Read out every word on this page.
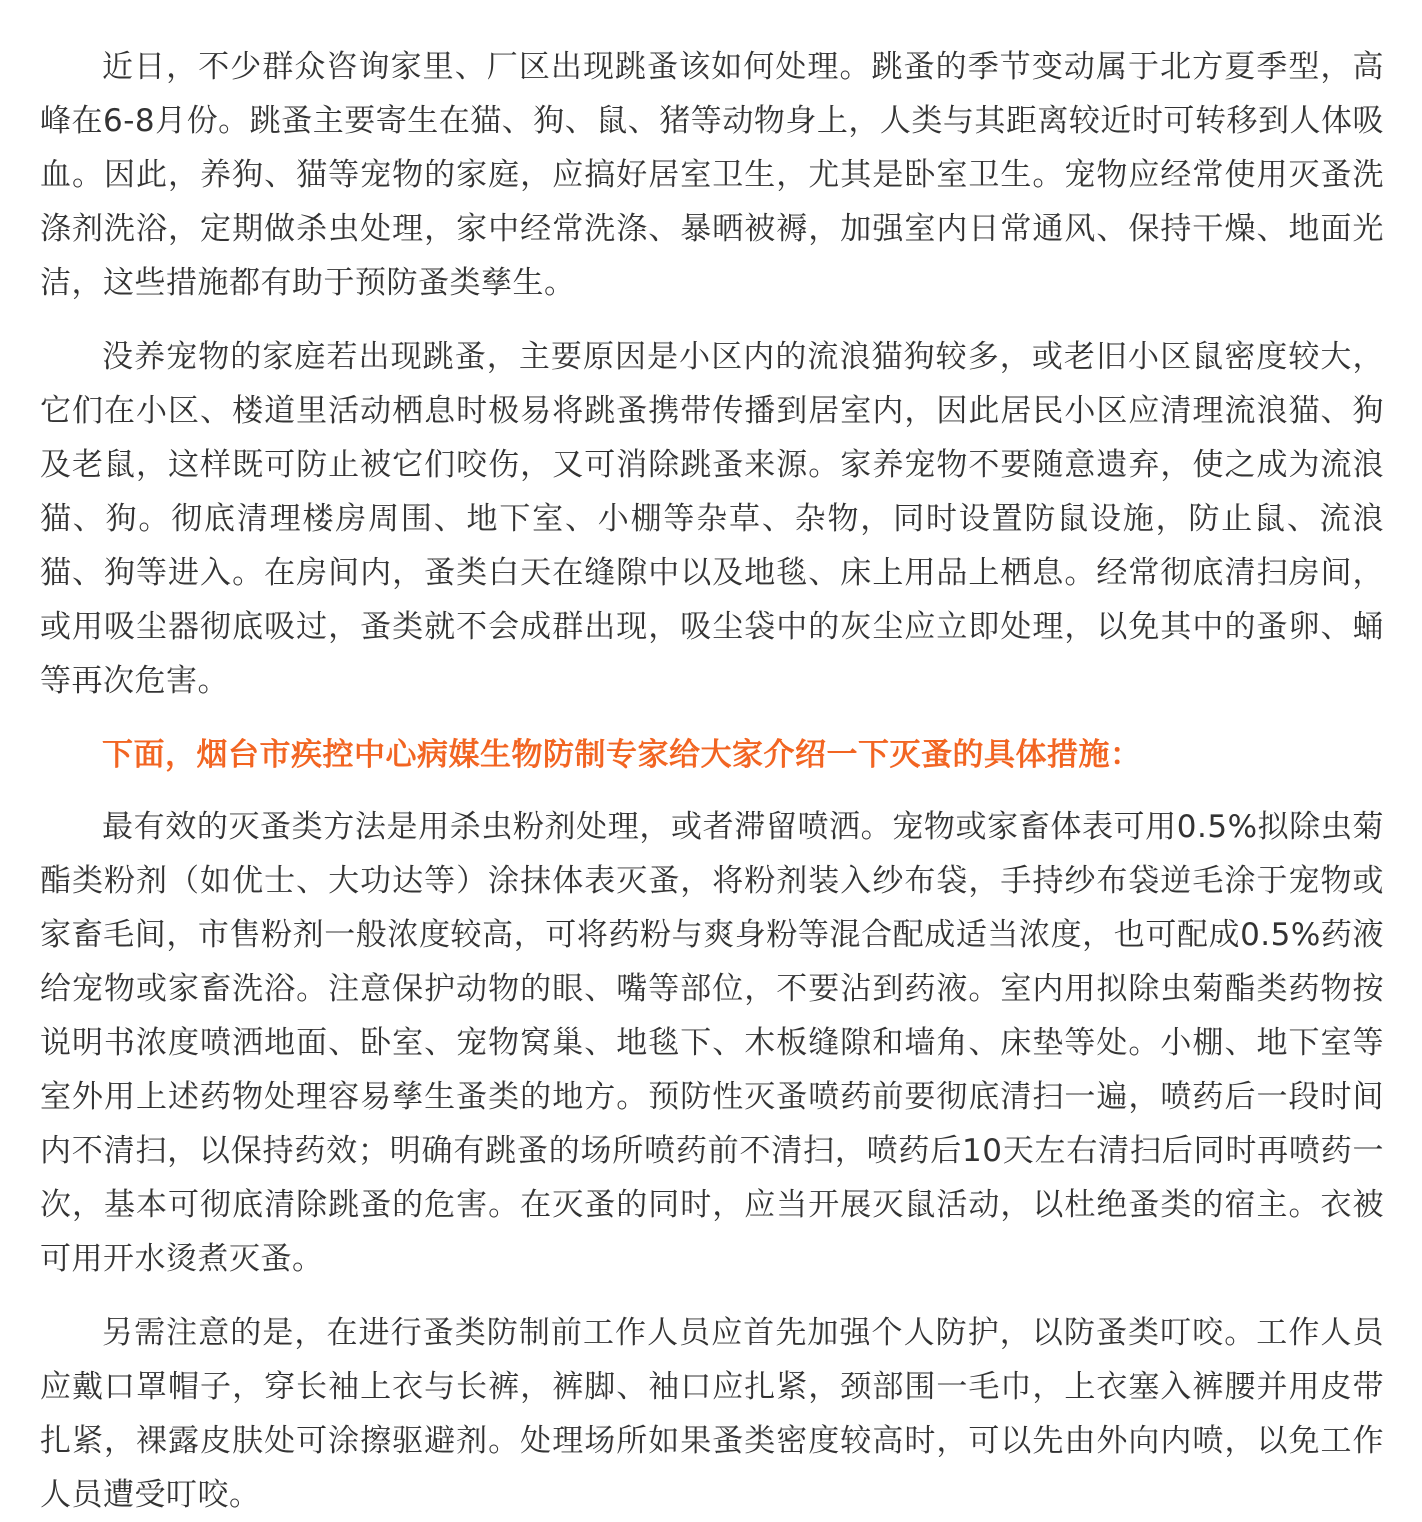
近日，不少群众咨询家里、厂区出现跳蚤该如何处理。跳蚤的季节变动属于北方夏季型，高峰在6-8月份。跳蚤主要寄生在猫、狗、鼠、猪等动物身上，人类与其距离较近时可转移到人体吸血。因此，养狗、猫等宠物的家庭，应搞好居室卫生，尤其是卧室卫生。宠物应经常使用灭蚤洗涤剂洗浴，定期做杀虫处理，家中经常洗涤、暴晒被褥，加强室内日常通风、保持干燥、地面光洁，这些措施都有助于预防蚤类孳生。

没养宠物的家庭若出现跳蚤，主要原因是小区内的流浪猫狗较多，或老旧小区鼠密度较大，它们在小区、楼道里活动栖息时极易将跳蚤携带传播到居室内，因此居民小区应清理流浪猫、狗及老鼠，这样既可防止被它们咬伤，又可消除跳蚤来源。家养宠物不要随意遗弃，使之成为流浪猫、狗。彻底清理楼房周围、地下室、小棚等杂草、杂物，同时设置防鼠设施，防止鼠、流浪猫、狗等进入。在房间内，蚤类白天在缝隙中以及地毯、床上用品上栖息。经常彻底清扫房间，或用吸尘器彻底吸过，蚤类就不会成群出现，吸尘袋中的灰尘应立即处理，以免其中的蚤卵、蛹等再次危害。

下面，烟台市疾控中心病媒生物防制专家给大家介绍一下灭蚤的具体措施：

最有效的灭蚤类方法是用杀虫粉剂处理，或者滞留喷洒。宠物或家畜体表可用0.5%拟除虫菊酯类粉剂（如优士、大功达等）涂抹体表灭蚤，将粉剂装入纱布袋，手持纱布袋逆毛涂于宠物或家畜毛间，市售粉剂一般浓度较高，可将药粉与爽身粉等混合配成适当浓度，也可配成0.5%药液给宠物或家畜洗浴。注意保护动物的眼、嘴等部位，不要沾到药液。室内用拟除虫菊酯类药物按说明书浓度喷洒地面、卧室、宠物窝巢、地毯下、木板缝隙和墙角、床垫等处。小棚、地下室等室外用上述药物处理容易孳生蚤类的地方。预防性灭蚤喷药前要彻底清扫一遍，喷药后一段时间内不清扫，以保持药效；明确有跳蚤的场所喷药前不清扫，喷药后10天左右清扫后同时再喷药一次，基本可彻底清除跳蚤的危害。在灭蚤的同时，应当开展灭鼠活动，以杜绝蚤类的宿主。衣被可用开水烫煮灭蚤。

另需注意的是，在进行蚤类防制前工作人员应首先加强个人防护，以防蚤类叮咬。工作人员应戴口罩帽子，穿长袖上衣与长裤，裤脚、袖口应扎紧，颈部围一毛巾，上衣塞入裤腰并用皮带扎紧，裸露皮肤处可涂擦驱避剂。处理场所如果蚤类密度较高时，可以先由外向内喷，以免工作人员遭受叮咬。
